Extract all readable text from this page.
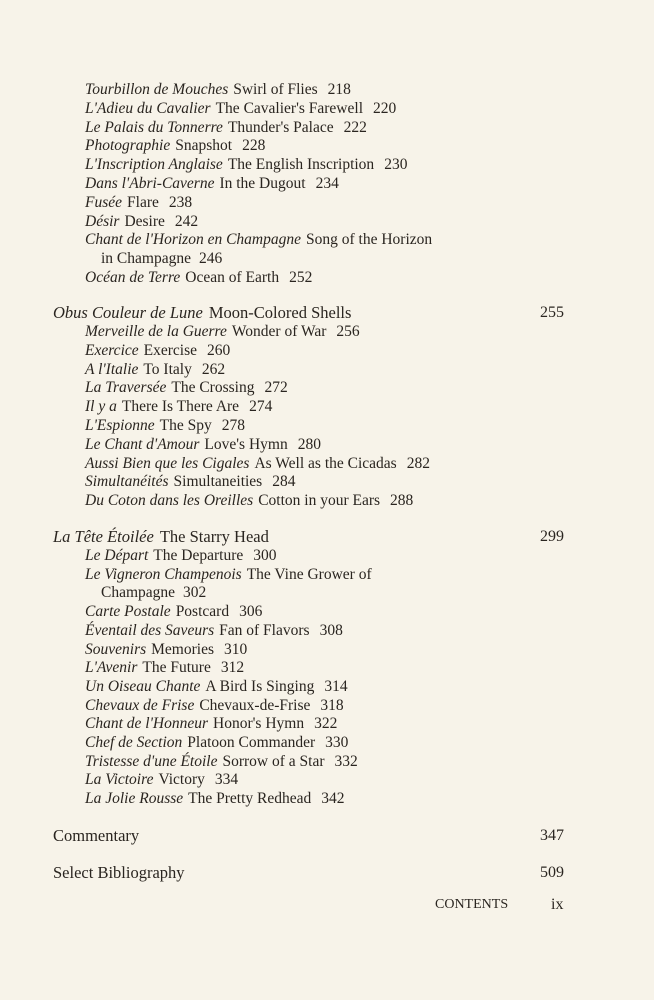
Tourbillon de Mouches Swirl of Flies 218
L'Adieu du Cavalier The Cavalier's Farewell 220
Le Palais du Tonnerre Thunder's Palace 222
Photographie Snapshot 228
L'Inscription Anglaise The English Inscription 230
Dans l'Abri-Caverne In the Dugout 234
Fusée Flare 238
Désir Desire 242
Chant de l'Horizon en Champagne Song of the Horizon
in Champagne 246
Océan de Terre Ocean of Earth 252
Obus Couleur de Lune Moon-Colored Shells	255
Merveille de la Guerre Wonder of War 256
Exercice Exercise 260
A l'Italie To Italy 262
La Traversée The Crossing 272
Il y a There Is There Are 274
L'Espionne The Spy 278
Le Chant d'Amour Love's Hymn 280
Aussi Bien que les Cigales As Well as the Cicadas 282
Simultanéités Simultaneities 284
Du Coton dans les Oreilles Cotton in your Ears 288
La Tête Étoilée The Starry Head	299
Le Départ The Departure 300
Le Vigneron Champenois The Vine Grower of
Champagne 302
Carte Postale Postcard 306
Éventail des Saveurs Fan of Flavors 308
Souvenirs Memories 310
L'Avenir The Future 312
Un Oiseau Chante A Bird Is Singing 314
Chevaux de Frise Chevaux-de-Frise 318
Chant de l'Honneur Honor's Hymn 322
Chef de Section Platoon Commander 330
Tristesse d'une Étoile Sorrow of a Star 332
La Victoire Victory 334
La Jolie Rousse The Pretty Redhead 342
Commentary	347
Select Bibliography	509
CONTENTS	ix
